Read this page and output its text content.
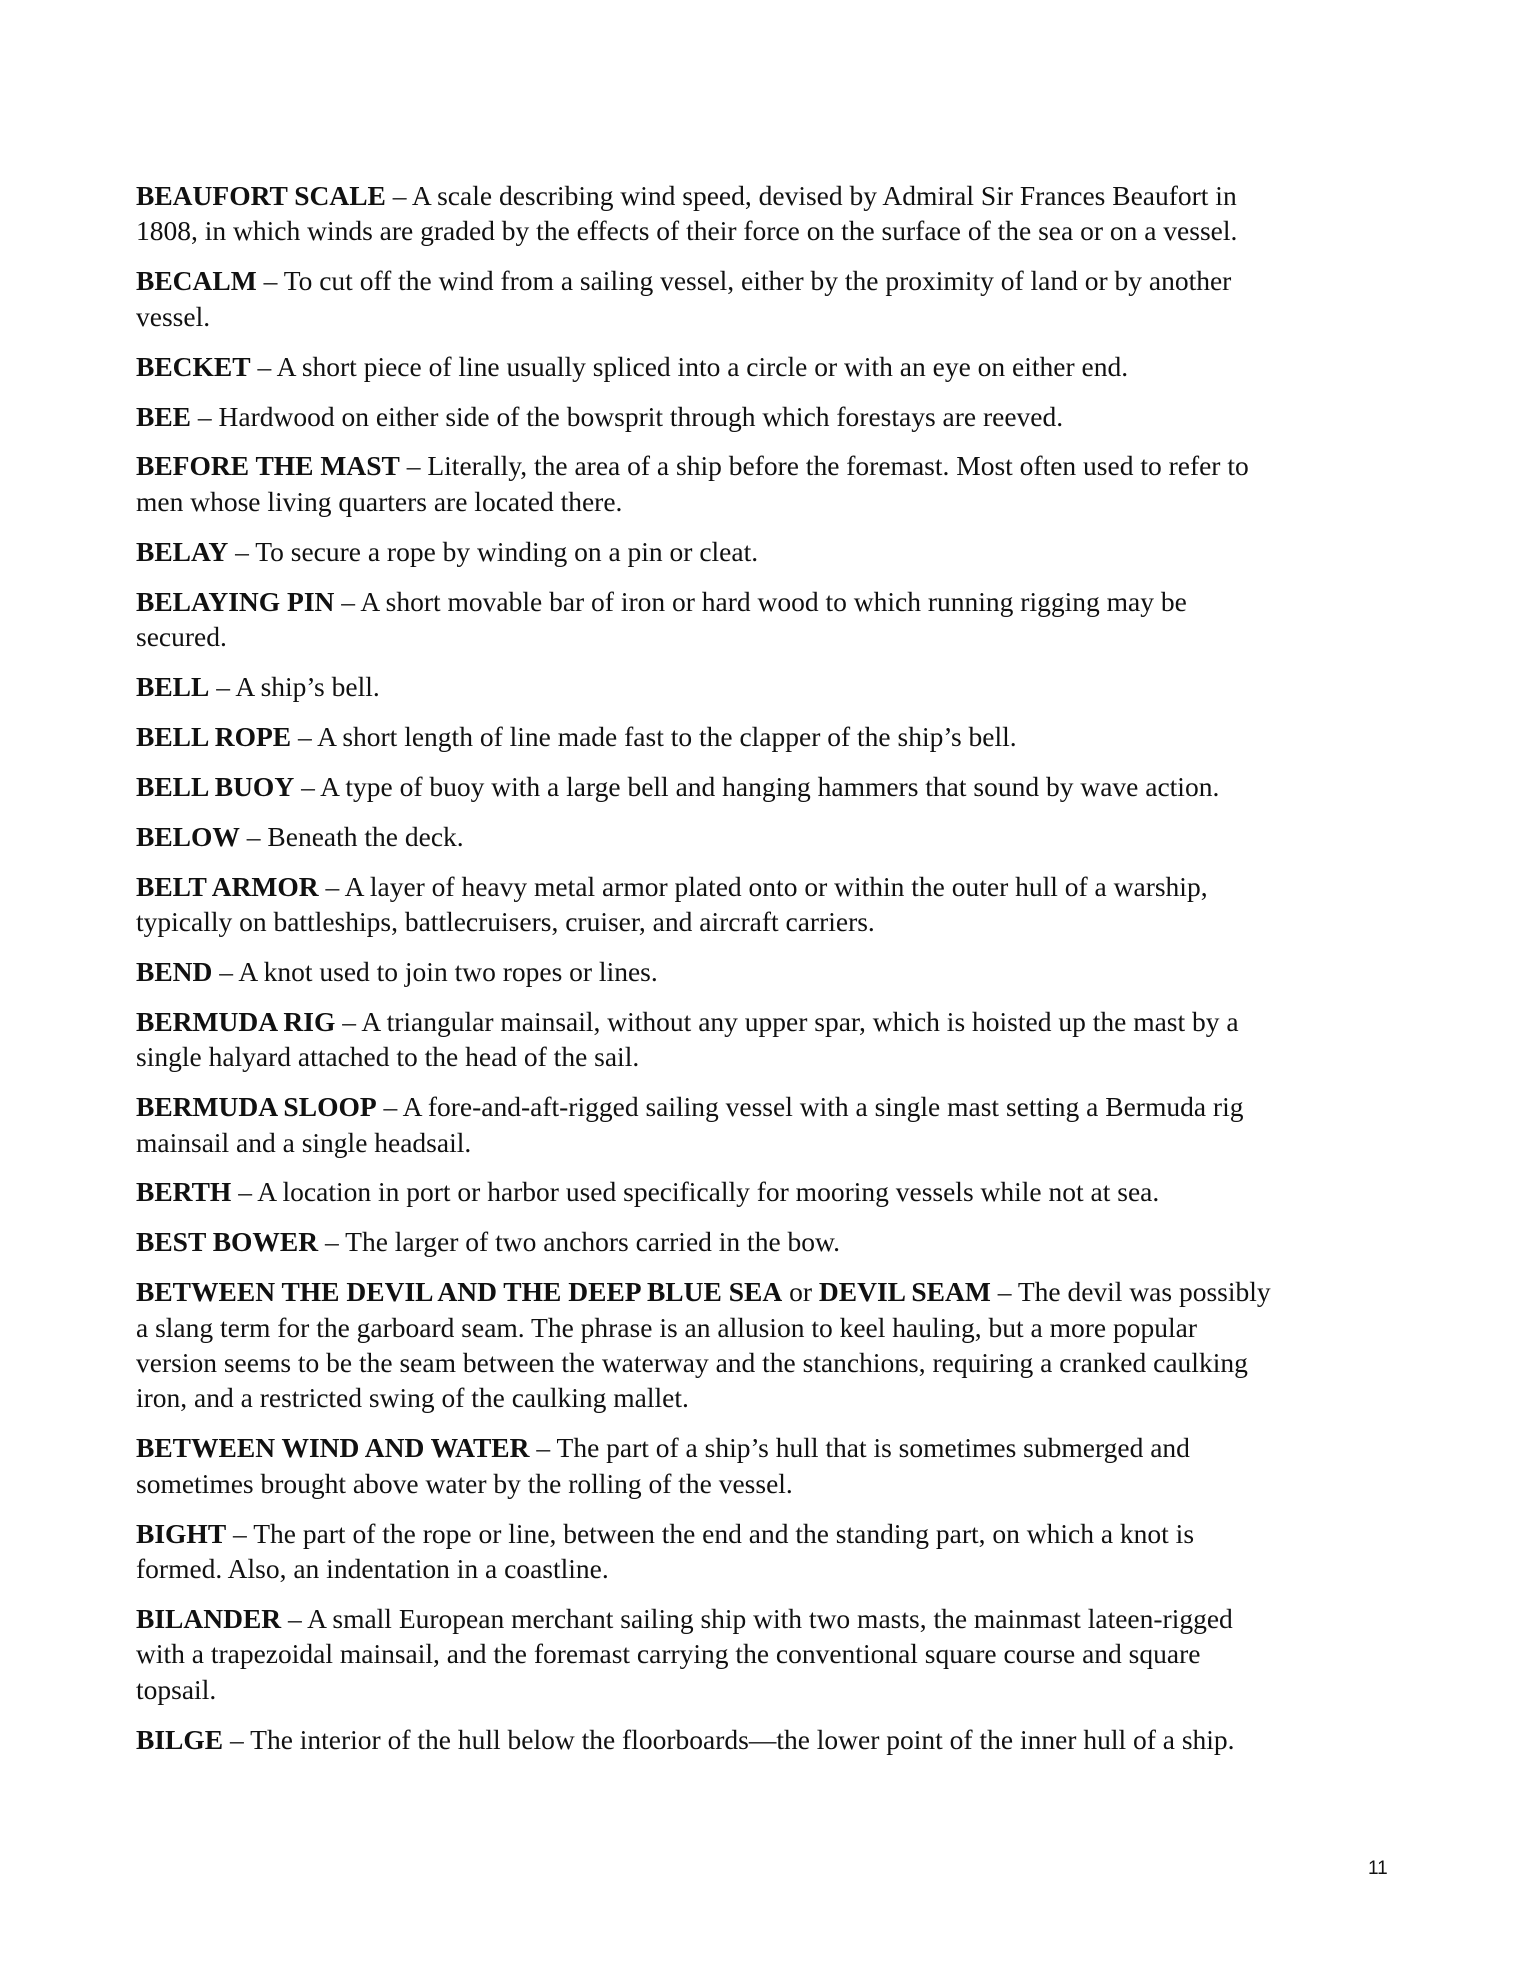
BEAUFORT SCALE – A scale describing wind speed, devised by Admiral Sir Frances Beaufort in
1808, in which winds are graded by the effects of their force on the surface of the sea or on a vessel.

BECALM – To cut off the wind from a sailing vessel, either by the proximity of land or by another
vessel.

BECKET – A short piece of line usually spliced into a circle or with an eye on either end.

BEE – Hardwood on either side of the bowsprit through which forestays are reeved.

BEFORE THE MAST – Literally, the area of a ship before the foremast. Most often used to refer to
men whose living quarters are located there.

BELAY – To secure a rope by winding on a pin or cleat.

BELAYING PIN – A short movable bar of iron or hard wood to which running rigging may be
secured.

BELL – A ship’s bell.

BELL ROPE – A short length of line made fast to the clapper of the ship’s bell.

BELL BUOY – A type of buoy with a large bell and hanging hammers that sound by wave action.

BELOW – Beneath the deck.

BELT ARMOR – A layer of heavy metal armor plated onto or within the outer hull of a warship,
typically on battleships, battlecruisers, cruiser, and aircraft carriers.

BEND – A knot used to join two ropes or lines.

BERMUDA RIG – A triangular mainsail, without any upper spar, which is hoisted up the mast by a
single halyard attached to the head of the sail.

BERMUDA SLOOP – A fore-and-aft-rigged sailing vessel with a single mast setting a Bermuda rig
mainsail and a single headsail.

BERTH – A location in port or harbor used specifically for mooring vessels while not at sea.

BEST BOWER – The larger of two anchors carried in the bow.

BETWEEN THE DEVIL AND THE DEEP BLUE SEA or DEVIL SEAM – The devil was possibly
a slang term for the garboard seam. The phrase is an allusion to keel hauling, but a more popular
version seems to be the seam between the waterway and the stanchions, requiring a cranked caulking
iron, and a restricted swing of the caulking mallet.

BETWEEN WIND AND WATER – The part of a ship’s hull that is sometimes submerged and
sometimes brought above water by the rolling of the vessel.

BIGHT – The part of the rope or line, between the end and the standing part, on which a knot is
formed. Also, an indentation in a coastline.

BILANDER – A small European merchant sailing ship with two masts, the mainmast lateen-rigged
with a trapezoidal mainsail, and the foremast carrying the conventional square course and square
topsail.

BILGE – The interior of the hull below the floorboards—the lower point of the inner hull of a ship.

11
